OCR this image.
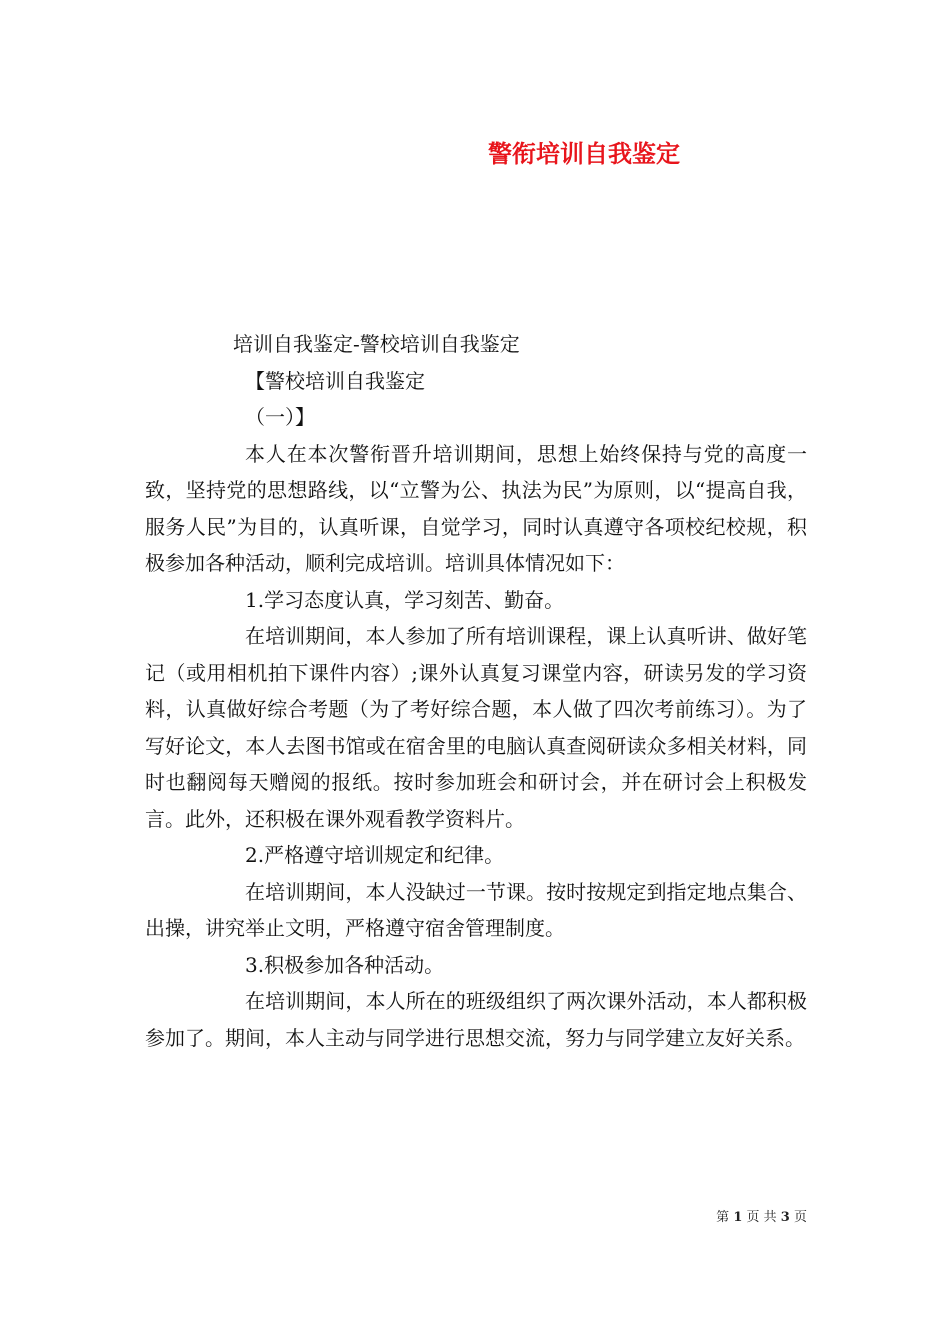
警衔培训自我鉴定
培训自我鉴定-警校培训自我鉴定
【警校培训自我鉴定
（一）】

本人在本次警衔晋升培训期间，思想上始终保持与党的高度一致，坚持党的思想路线，以“立警为公、执法为民”为原则，以“提高自我，服务人民”为目的，认真听课，自觉学习，同时认真遵守各项校纪校规，积极参加各种活动，顺利完成培训。培训具体情况如下：

1.学习态度认真，学习刻苦、勤奋。

在培训期间，本人参加了所有培训课程，课上认真听讲、做好笔记（或用相机拍下课件内容）;课外认真复习课堂内容，研读另发的学习资料，认真做好综合考题（为了考好综合题，本人做了四次考前练习）。为了写好论文，本人去图书馆或在宿舍里的电脑认真查阅研读众多相关材料，同时也翻阅每天赠阅的报纸。按时参加班会和研讨会，并在研讨会上积极发言。此外，还积极在课外观看教学资料片。

2.严格遵守培训规定和纪律。

在培训期间，本人没缺过一节课。按时按规定到指定地点集合、出操，讲究举止文明，严格遵守宿舍管理制度。

3.积极参加各种活动。

在培训期间，本人所在的班级组织了两次课外活动，本人都积极参加了。期间，本人主动与同学进行思想交流，努力与同学建立友好关系。

第 1 页 共 3 页
